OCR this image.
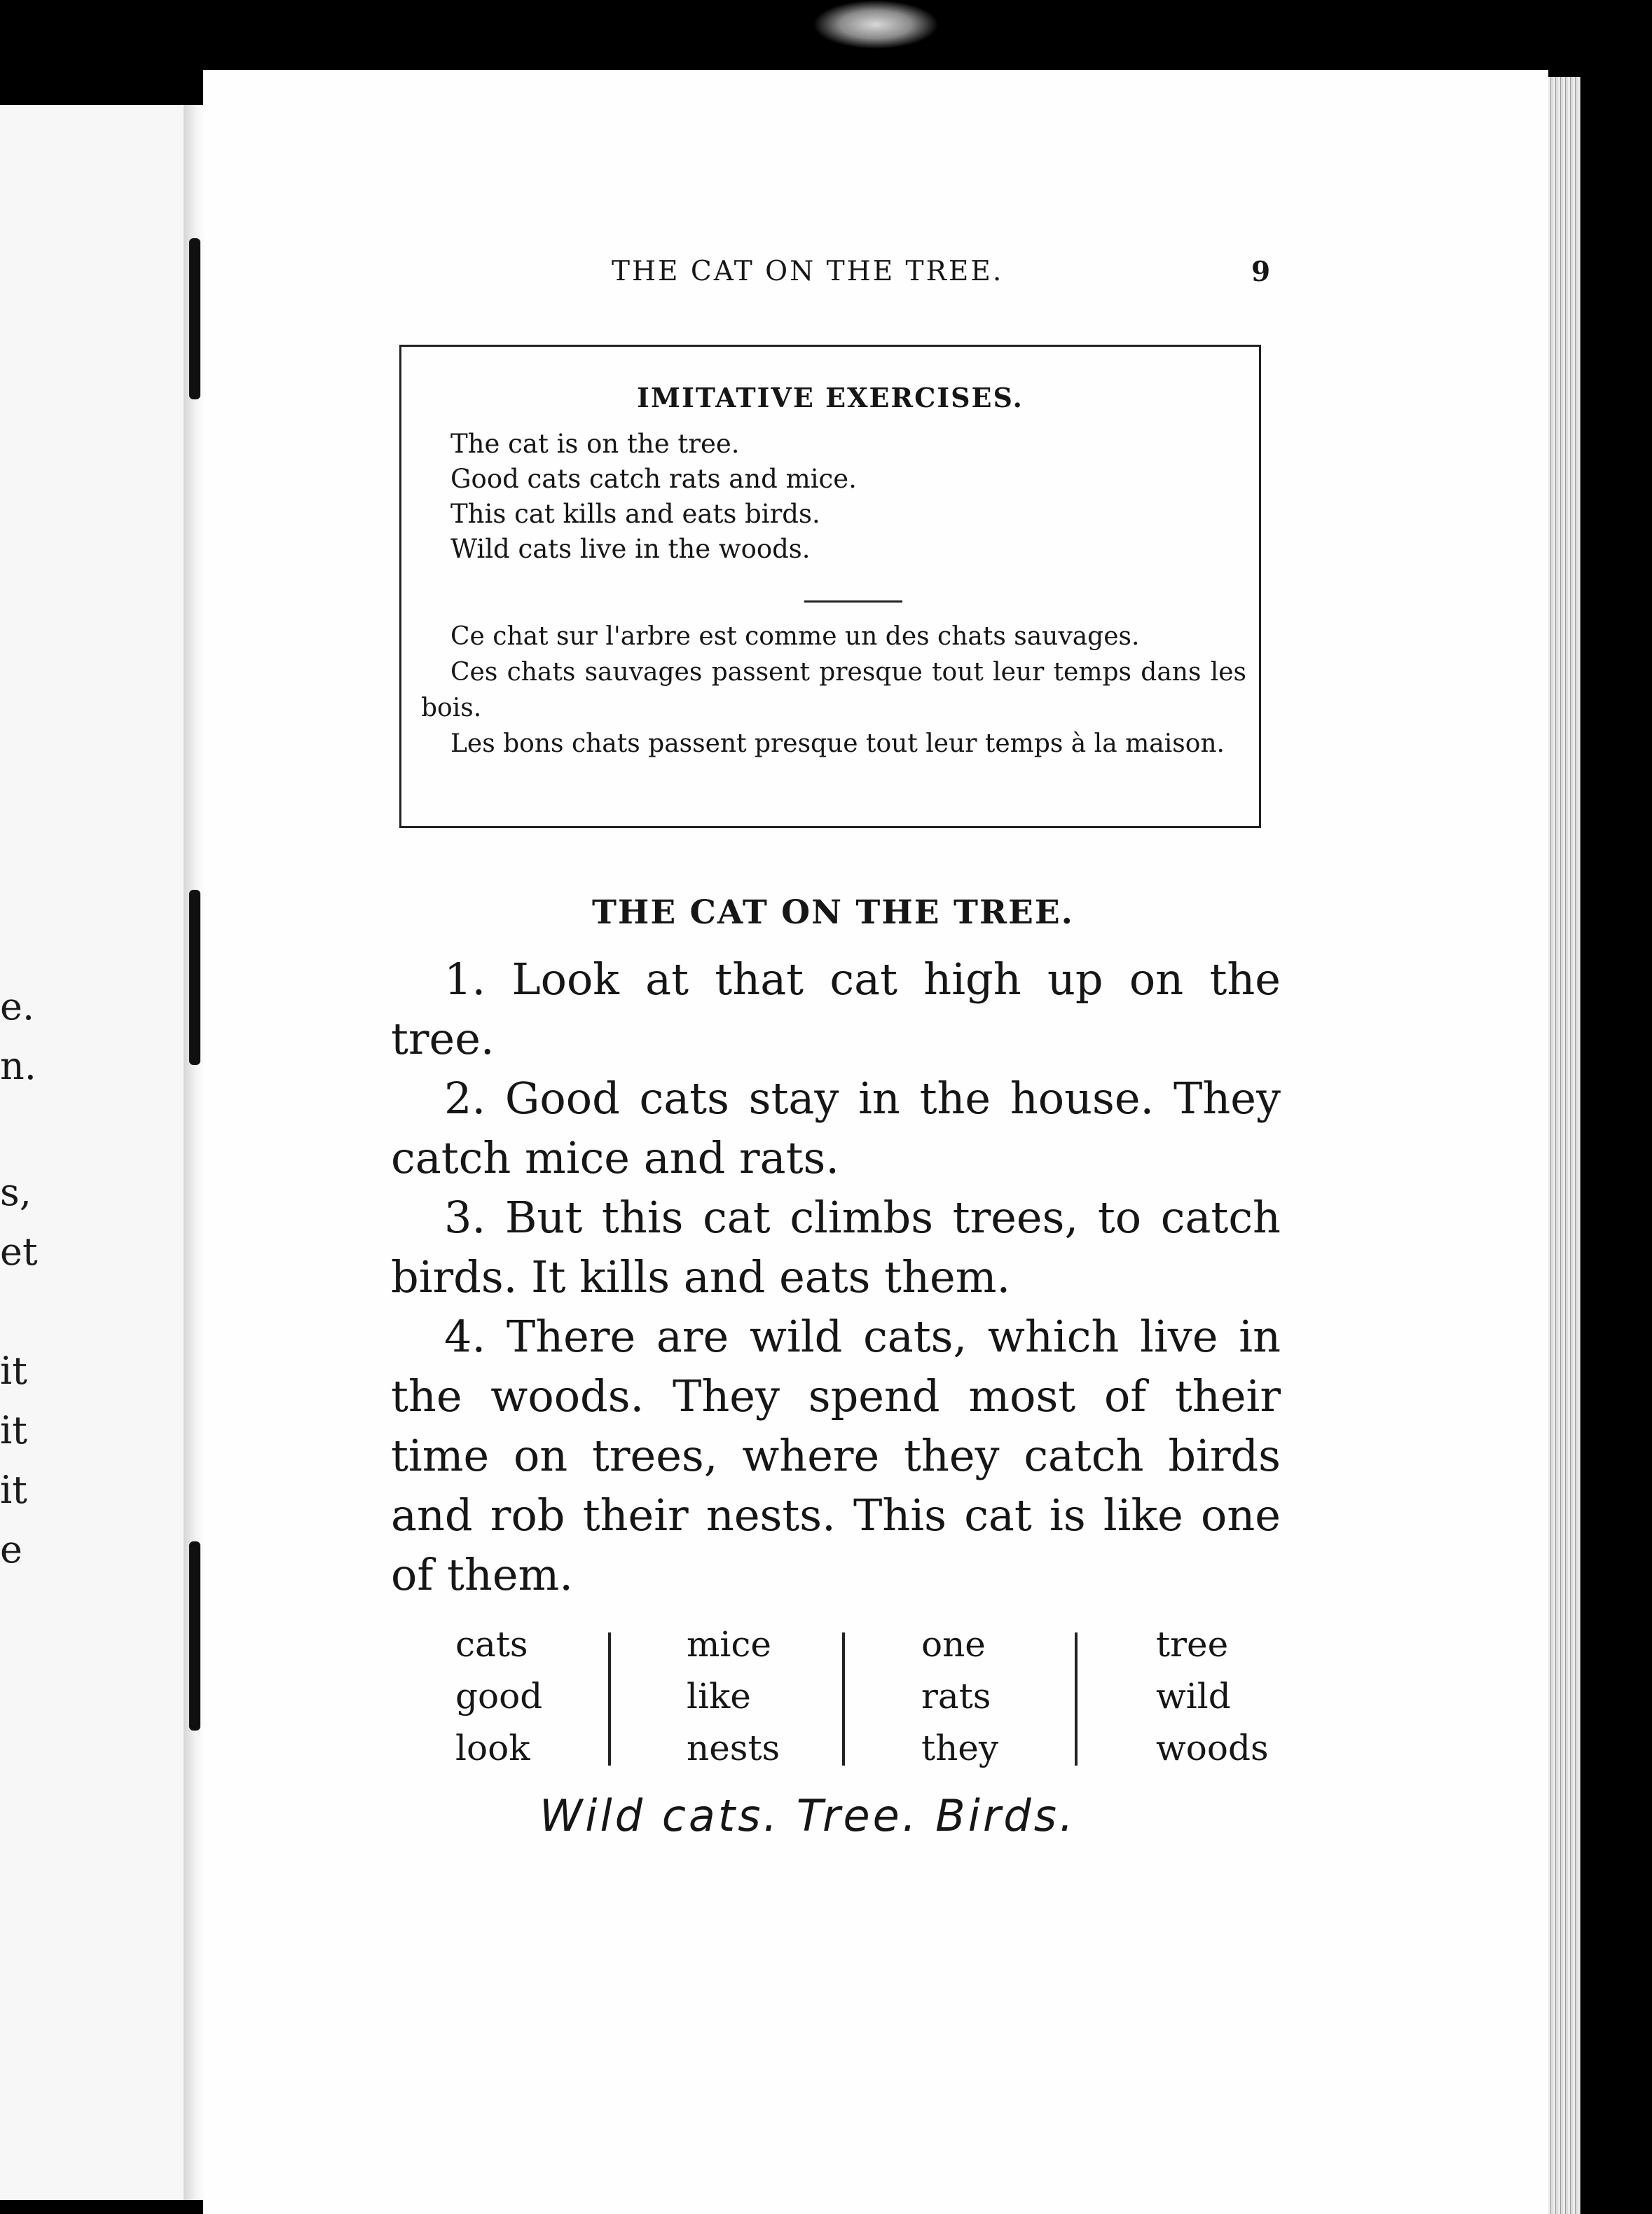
e.
n.
s,
et
it
it
it
e
THE CAT ON THE TREE.	9
IMITATIVE EXERCISES.
The cat is on the tree.
Good cats catch rats and mice.
This cat kills and eats birds.
Wild cats live in the woods.

Ce chat sur l'arbre est comme un des chats sauvages.

Ces chats sauvages passent presque tout leur temps dans les bois.

Les bons chats passent presque tout leur temps à la maison.

THE CAT ON THE TREE.

1. Look at that cat high up on the tree.

2. Good cats stay in the house. They catch mice and rats.

3. But this cat climbs trees, to catch birds. It kills and eats them.

4. There are wild cats, which live in the woods. They spend most of their time on trees, where they catch birds and rob their nests. This cat is like one of them.

cats
good
look
mice
like
nests
one
rats
they
tree
wild
woods
Wild cats. Tree. Birds.
